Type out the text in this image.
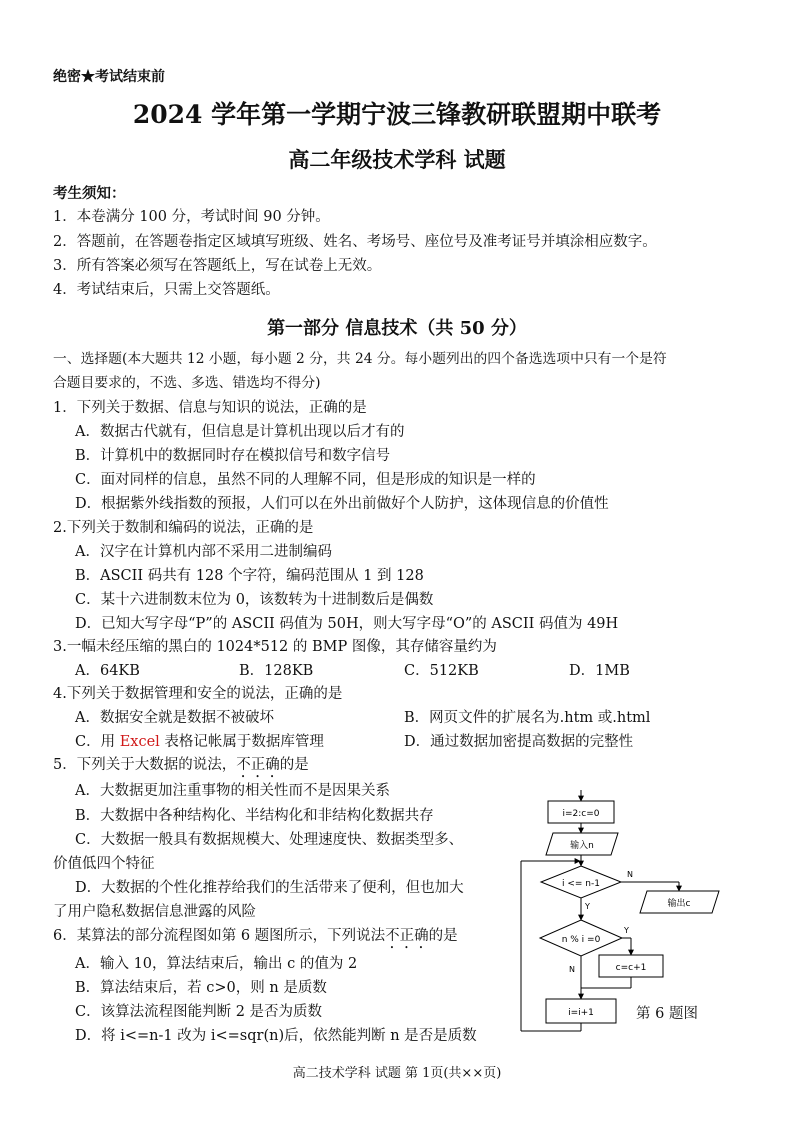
绝密★考试结束前
2024 学年第一学期宁波三锋教研联盟期中联考
高二年级技术学科 试题
考生须知：
1．本卷满分 100 分，考试时间 90 分钟。
2．答题前，在答题卷指定区域填写班级、姓名、考场号、座位号及准考证号并填涂相应数字。
3．所有答案必须写在答题纸上，写在试卷上无效。
4．考试结束后，只需上交答题纸。
第一部分 信息技术（共 50 分）
一、选择题(本大题共 12 小题，每小题 2 分，共 24 分。每小题列出的四个备选选项中只有一个是符
合题目要求的，不选、多选、错选均不得分)
1．下列关于数据、信息与知识的说法，正确的是
A．数据古代就有，但信息是计算机出现以后才有的
B．计算机中的数据同时存在模拟信号和数字信号
C．面对同样的信息，虽然不同的人理解不同，但是形成的知识是一样的
D．根据紫外线指数的预报，人们可以在外出前做好个人防护，这体现信息的价值性
2.下列关于数制和编码的说法，正确的是
A．汉字在计算机内部不采用二进制编码
B．ASCII 码共有 128 个字符，编码范围从 1 到 128
C．某十六进制数末位为 0，该数转为十进制数后是偶数
D．已知大写字母“P”的 ASCII 码值为 50H，则大写字母“O”的 ASCII 码值为 49H
3.一幅未经压缩的黑白的 1024*512 的 BMP 图像，其存储容量约为
A．64KB	B．128KB	C．512KB	D．1MB
4.下列关于数据管理和安全的说法，正确的是
A．数据安全就是数据不被破坏	B．网页文件的扩展名为.htm 或.html
C．用 Excel 表格记帐属于数据库管理	D．通过数据加密提高数据的完整性
5．下列关于大数据的说法，不正确的是
A．大数据更加注重事物的相关性而不是因果关系
B．大数据中各种结构化、半结构化和非结构化数据共存
C．大数据一般具有数据规模大、处理速度快、数据类型多、
价值低四个特征
D．大数据的个性化推荐给我们的生活带来了便利，但也加大
了用户隐私数据信息泄露的风险
6．某算法的部分流程图如第 6 题图所示，下列说法不正确的是
A．输入 10，算法结束后，输出 c 的值为 2
B．算法结束后，若 c>0，则 n 是质数
C．该算法流程图能判断 2 是否为质数
D．将 i<=n-1 改为 i<=sqr(n)后，依然能判断 n 是否是质数
i=2:c=0
输入n
i <= n-1
N
Y	输出c
n % i =0
Y
N	c=c+1
i=i+1	第 6 题图
高二技术学科 试题 第 1页(共××页)
